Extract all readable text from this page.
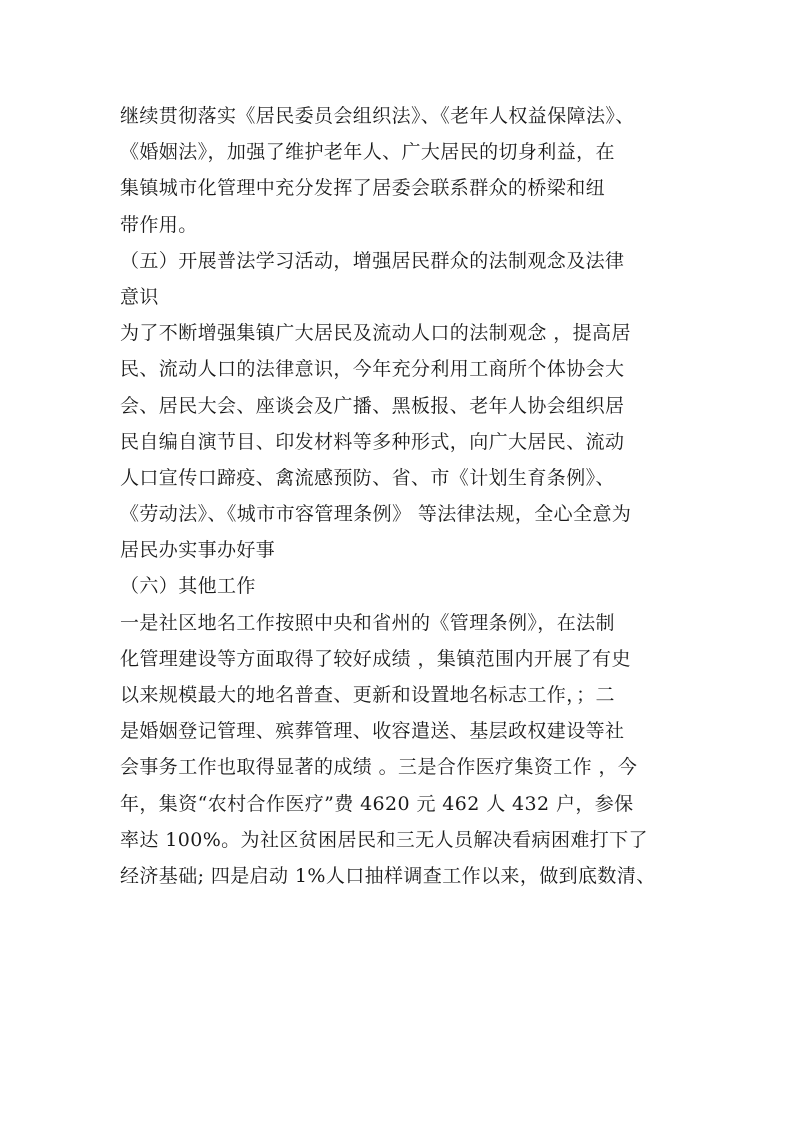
继续贯彻落实《居民委员会组织法》、《老年人权益保障法》、
《婚姻法》，加强了维护老年人、广大居民的切身利益，在
集镇城市化管理中充分发挥了居委会联系群众的桥梁和纽
带作用。
（五）开展普法学习活动，增强居民群众的法制观念及法律
意识
为了不断增强集镇广大居民及流动人口的法制观念 ，提高居
民、流动人口的法律意识，今年充分利用工商所个体协会大
会、居民大会、座谈会及广播、黑板报、老年人协会组织居
民自编自演节目、印发材料等多种形式，向广大居民、流动
人口宣传口蹄疫、禽流感预防、省、市《计划生育条例》、
《劳动法》、《城市市容管理条例》 等法律法规，全心全意为
居民办实事办好事
（六）其他工作
一是社区地名工作按照中央和省州的《管理条例》，在法制
化管理建设等方面取得了较好成绩 ，集镇范围内开展了有史
以来规模最大的地名普查、更新和设置地名标志工作，；二
是婚姻登记管理、殡葬管理、收容遣送、基层政权建设等社
会事务工作也取得显著的成绩 。三是合作医疗集资工作 ，今
年，集资“农村合作医疗”费 4620 元 462 人 432 户，参保
率达 100%。为社区贫困居民和三无人员解决看病困难打下了
经济基础; 四是启动 1%人口抽样调查工作以来，做到底数清、
